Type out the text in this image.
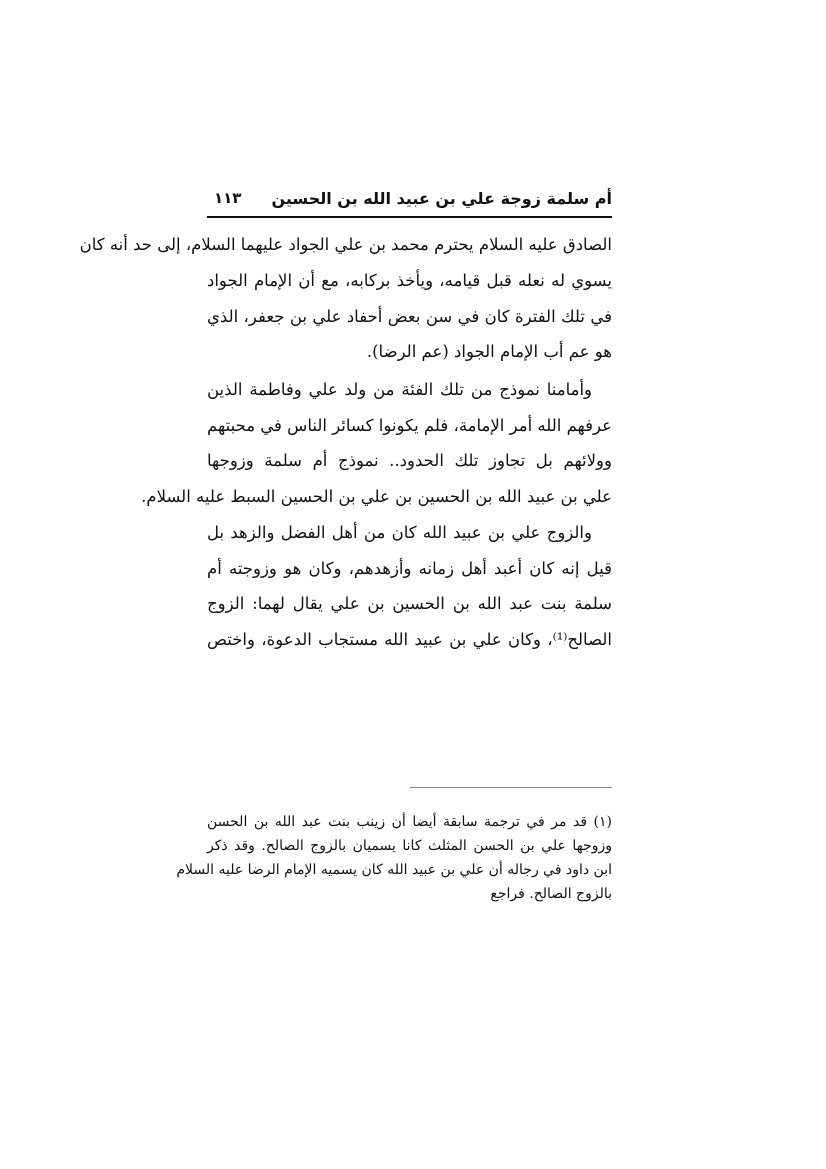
أم سلمة زوجة علي بن عبيد الله بن الحسين
١١٣
الصادق عليه السلام يحترم محمد بن علي الجواد عليهما السلام، إلى حد أنه كان
يسوي له نعله قبل قيامه، ويأخذ بركابه، مع أن الإمام الجواد
في تلك الفترة كان في سن بعض أحفاد علي بن جعفر، الذي
هو عم أب الإمام الجواد (عم الرضا).
وأمامنا نموذج من تلك الفئة من ولد علي وفاطمة الذين
عرفهم الله أمر الإمامة، فلم يكونوا كسائر الناس في محبتهم
وولائهم بل تجاوز تلك الحدود.. نموذج أم سلمة وزوجها
علي بن عبيد الله بن الحسين بن علي بن الحسين السبط عليه السلام.
والزوج علي بن عبيد الله كان من أهل الفضل والزهد بل
قيل إنه كان أعبد أهل زمانه وأزهدهم، وكان هو وزوجته أم
سلمة بنت عبد الله بن الحسين بن علي يقال لهما: الزوج
الصالح⁽¹⁾، وكان علي بن عبيد الله مستجاب الدعوة، واختص
(١) قد مر في ترجمة سابقة أيضا أن زينب بنت عبد الله بن الحسن
وزوجها علي بن الحسن المثلث كانا يسميان بالزوج الصالح. وقد ذكر
ابن داود في رجاله أن علي بن عبيد الله كان يسميه الإمام الرضا عليه السلام
بالزوج الصالح. فراجع
